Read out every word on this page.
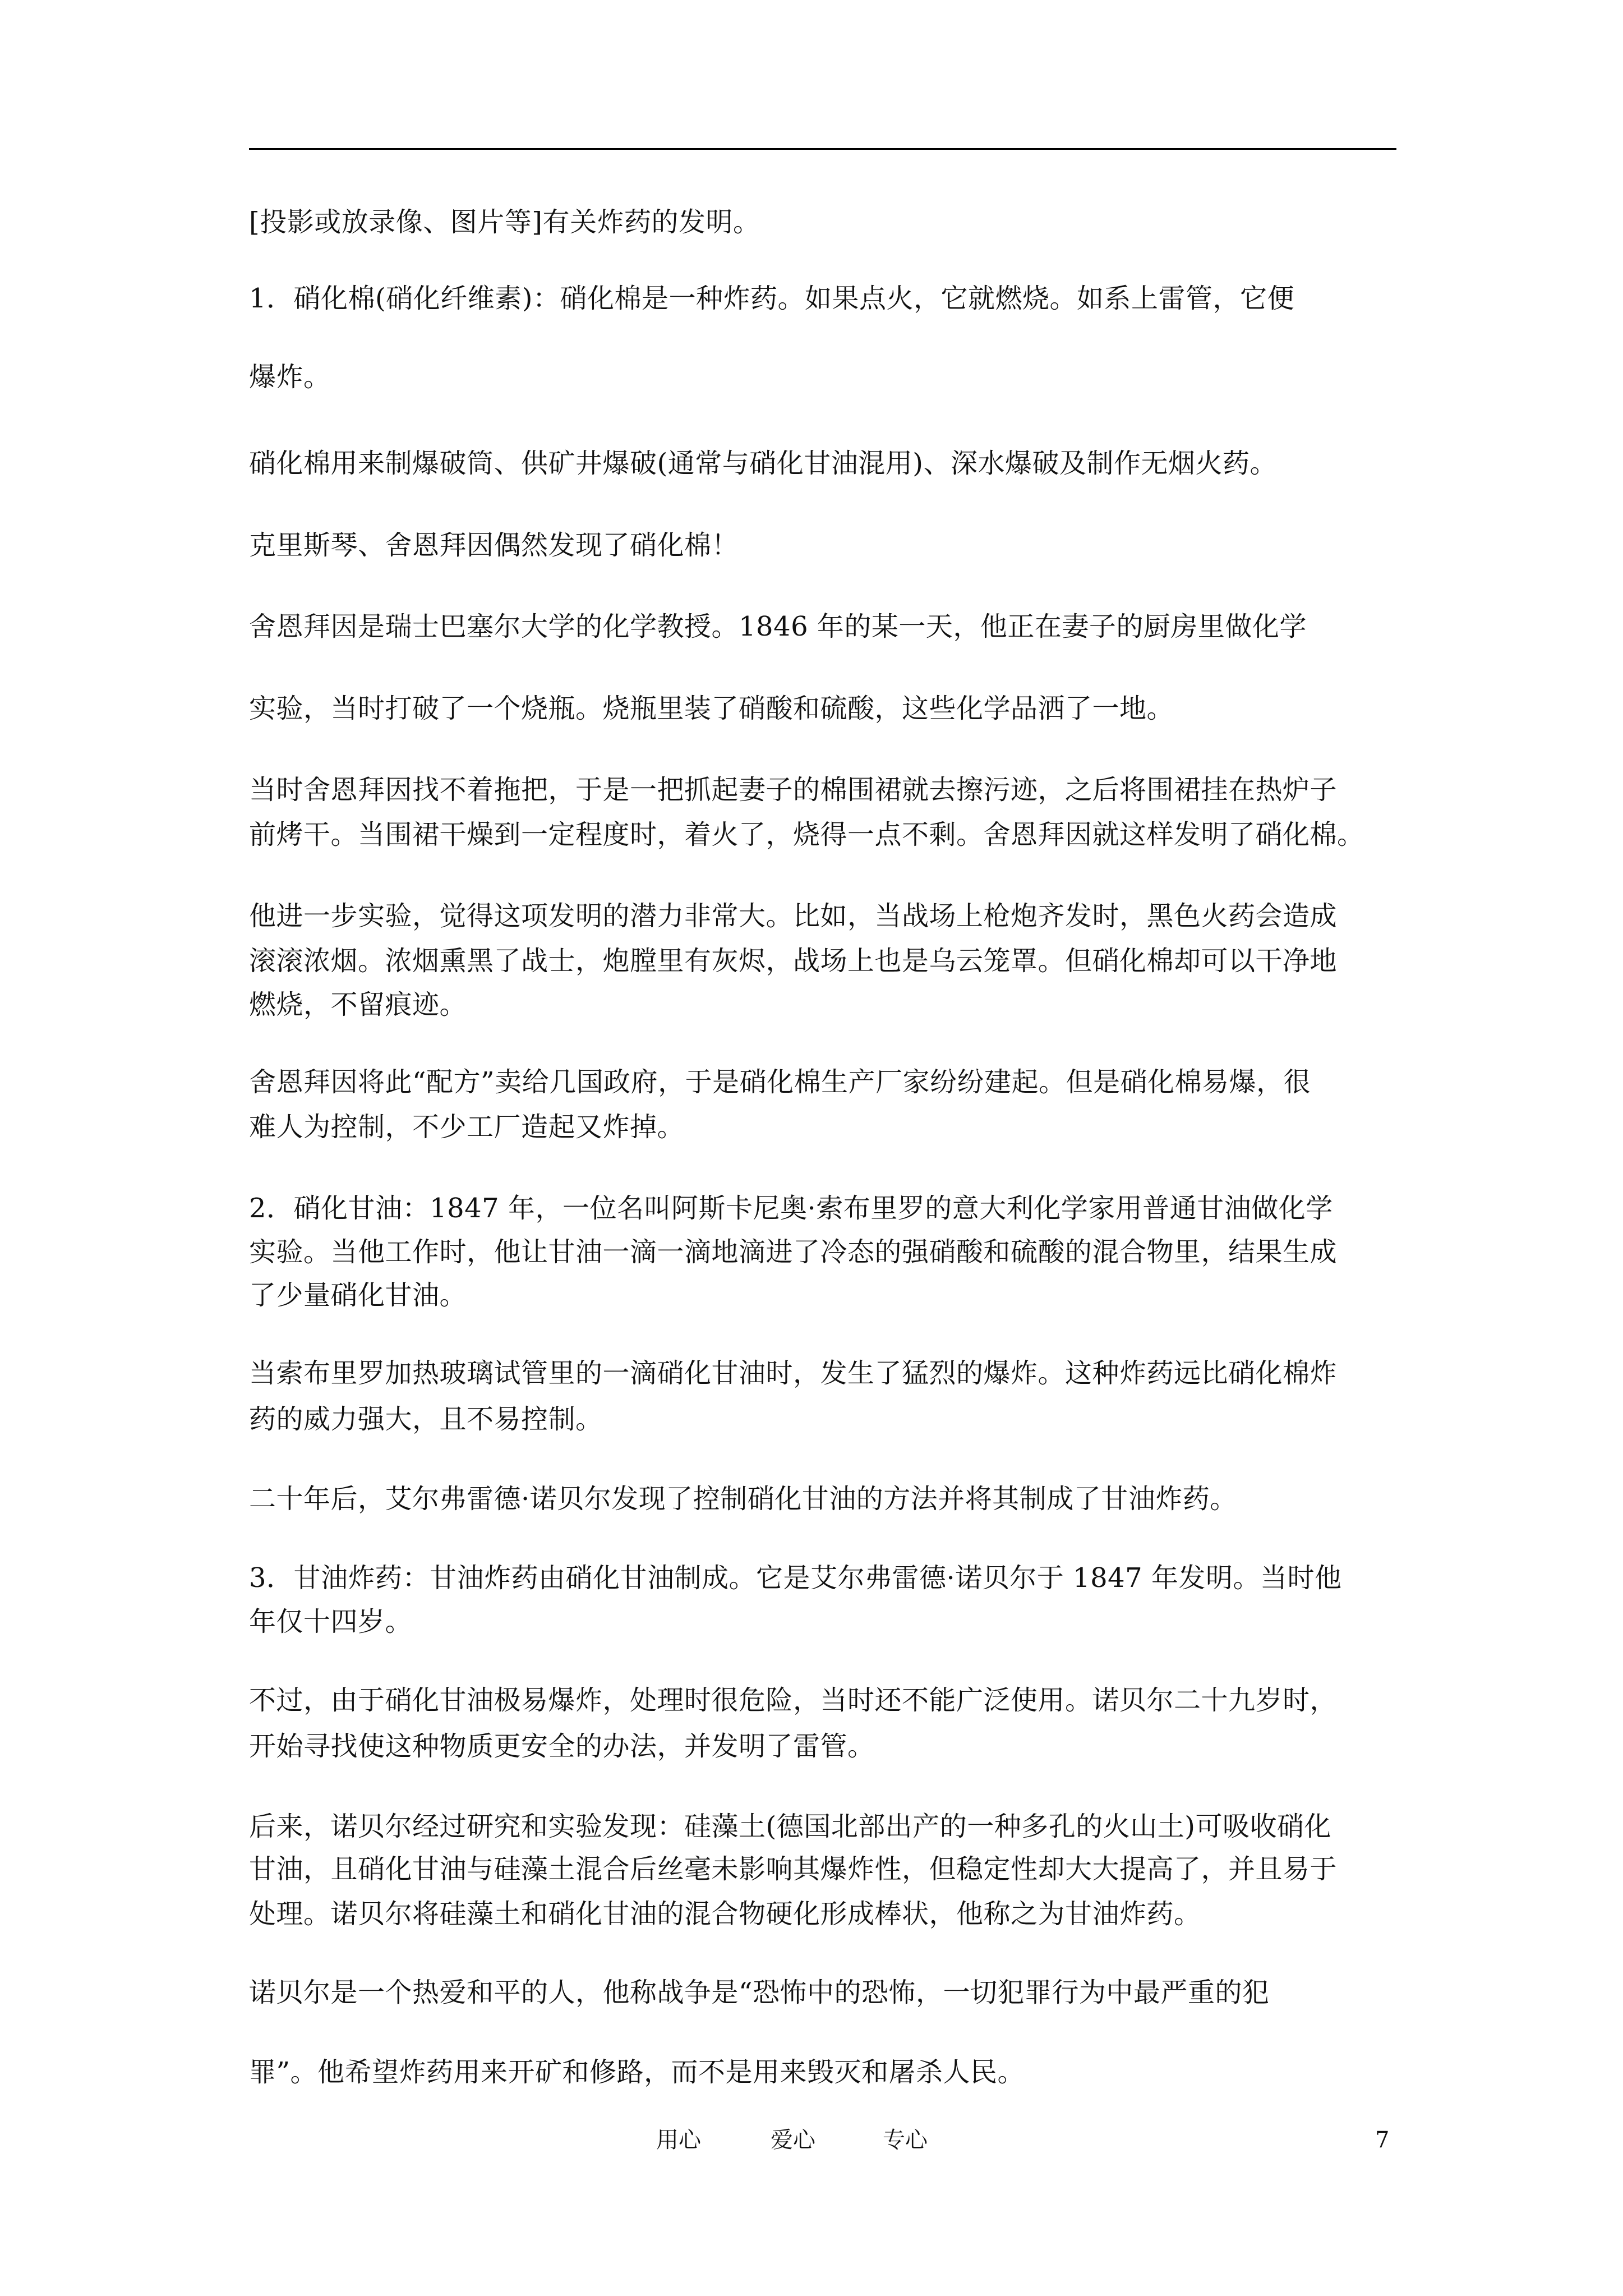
[投影或放录像、图片等]有关炸药的发明。
1．硝化棉(硝化纤维素)：硝化棉是一种炸药。如果点火，它就燃烧。如系上雷管，它便
爆炸。
硝化棉用来制爆破筒、供矿井爆破(通常与硝化甘油混用)、深水爆破及制作无烟火药。
克里斯琴、舍恩拜因偶然发现了硝化棉！
舍恩拜因是瑞士巴塞尔大学的化学教授。1846 年的某一天，他正在妻子的厨房里做化学
实验，当时打破了一个烧瓶。烧瓶里装了硝酸和硫酸，这些化学品洒了一地。
当时舍恩拜因找不着拖把，于是一把抓起妻子的棉围裙就去擦污迹，之后将围裙挂在热炉子
前烤干。当围裙干燥到一定程度时，着火了，烧得一点不剩。舍恩拜因就这样发明了硝化棉。
他进一步实验，觉得这项发明的潜力非常大。比如，当战场上枪炮齐发时，黑色火药会造成
滚滚浓烟。浓烟熏黑了战士，炮膛里有灰烬，战场上也是乌云笼罩。但硝化棉却可以干净地
燃烧，不留痕迹。
舍恩拜因将此“配方”卖给几国政府，于是硝化棉生产厂家纷纷建起。但是硝化棉易爆，很
难人为控制，不少工厂造起又炸掉。
2．硝化甘油：1847 年，一位名叫阿斯卡尼奥·索布里罗的意大利化学家用普通甘油做化学
实验。当他工作时，他让甘油一滴一滴地滴进了冷态的强硝酸和硫酸的混合物里，结果生成
了少量硝化甘油。
当索布里罗加热玻璃试管里的一滴硝化甘油时，发生了猛烈的爆炸。这种炸药远比硝化棉炸
药的威力强大，且不易控制。
二十年后，艾尔弗雷德·诺贝尔发现了控制硝化甘油的方法并将其制成了甘油炸药。
3．甘油炸药：甘油炸药由硝化甘油制成。它是艾尔弗雷德·诺贝尔于 1847 年发明。当时他
年仅十四岁。
不过，由于硝化甘油极易爆炸，处理时很危险，当时还不能广泛使用。诺贝尔二十九岁时，
开始寻找使这种物质更安全的办法，并发明了雷管。
后来，诺贝尔经过研究和实验发现：硅藻土(德国北部出产的一种多孔的火山土)可吸收硝化
甘油，且硝化甘油与硅藻土混合后丝毫未影响其爆炸性，但稳定性却大大提高了，并且易于
处理。诺贝尔将硅藻土和硝化甘油的混合物硬化形成棒状，他称之为甘油炸药。
诺贝尔是一个热爱和平的人，他称战争是“恐怖中的恐怖，一切犯罪行为中最严重的犯
罪”。他希望炸药用来开矿和修路，而不是用来毁灭和屠杀人民。
用心	爱心	专心	7
